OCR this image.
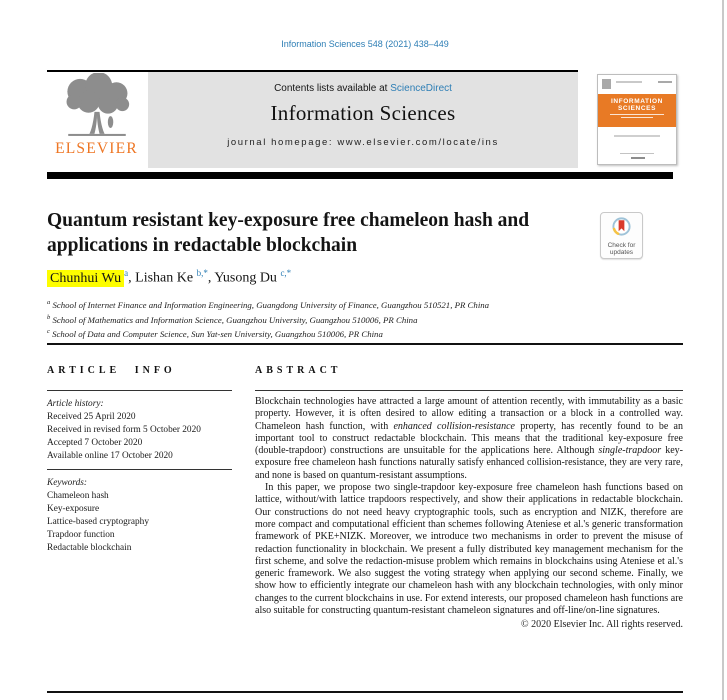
Information Sciences 548 (2021) 438–449
ELSEVIER
Contents lists available at ScienceDirect
Information Sciences
journal homepage: www.elsevier.com/locate/ins
INFORMATION
SCIENCES
Quantum resistant key-exposure free chameleon hash and applications in redactable blockchain	Check for
updates
Chunhui Wu $^a$, Lishan Ke $^{b,*}$, Yusong Du $^{c,*}$
$^a$ School of Internet Finance and Information Engineering, Guangdong University of Finance, Guangzhou 510521, PR China
$^b$ School of Mathematics and Information Science, Guangzhou University, Guangzhou 510006, PR China
$^c$ School of Data and Computer Science, Sun Yat-sen University, Guangzhou 510006, PR China
ARTICLE INFO
Article history:
Received 25 April 2020
Received in revised form 5 October 2020
Accepted 7 October 2020
Available online 17 October 2020
Keywords:
Chameleon hash
Key-exposure
Lattice-based cryptography
Trapdoor function
Redactable blockchain
ABSTRACT

Blockchain technologies have attracted a large amount of attention recently, with immutability as a basic property. However, it is often desired to allow editing a transaction or a block in a controlled way. Chameleon hash function, with enhanced collision-resistance property, has recently found to be an important tool to construct redactable blockchain. This means that the traditional key-exposure free (double-trapdoor) constructions are unsuitable for the applications here. Although single-trapdoor key-exposure free chameleon hash functions naturally satisfy enhanced collision-resistance, they are very rare, and none is based on quantum-resistant assumptions.

In this paper, we propose two single-trapdoor key-exposure free chameleon hash functions based on lattice, without/with lattice trapdoors respectively, and show their applications in redactable blockchain. Our constructions do not need heavy cryptographic tools, such as encryption and NIZK, therefore are more compact and computational efficient than schemes following Ateniese et al.'s generic transformation framework of PKE+NIZK. Moreover, we introduce two mechanisms in order to prevent the misuse of redaction functionality in blockchain. We present a fully distributed key management mechanism for the first scheme, and solve the redaction-misuse problem which remains in blockchains using Ateniese et al.'s generic framework. We also suggest the voting strategy when applying our second scheme. Finally, we show how to efficiently integrate our chameleon hash with any blockchain technologies, with only minor changes to the current blockchains in use. For extend interests, our proposed chameleon hash functions are also suitable for constructing quantum-resistant chameleon signatures and off-line/on-line signatures.

© 2020 Elsevier Inc. All rights reserved.
